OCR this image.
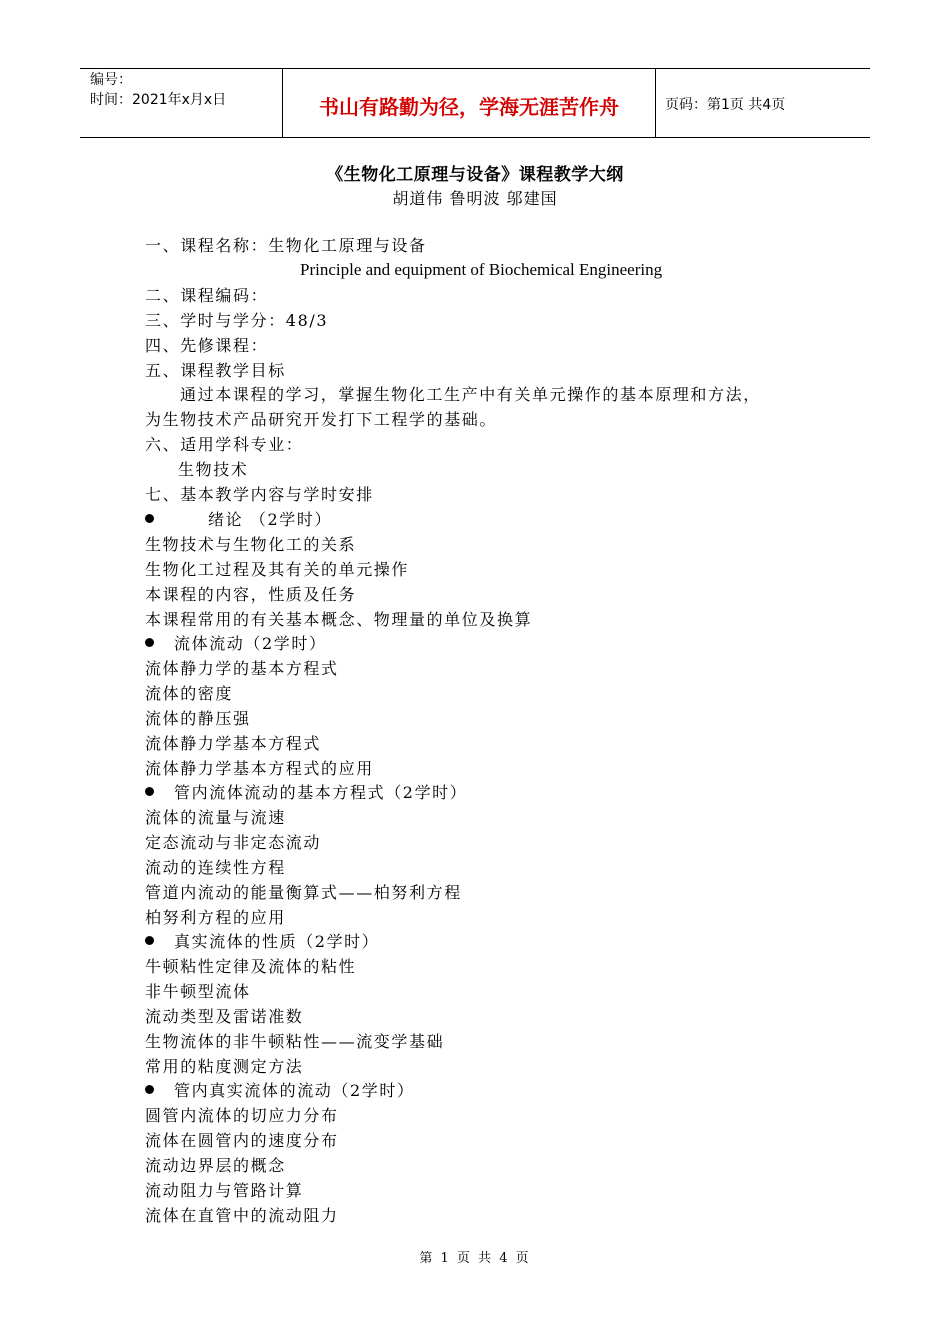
编号：
时间：2021年x月x日	书山有路勤为径，学海无涯苦作舟	页码：第1页 共4页
《生物化工原理与设备》课程教学大纲
胡道伟 鲁明波 邬建国
一、课程名称：生物化工原理与设备
Principle and equipment of Biochemical Engineering
二、课程编码：
三、学时与学分：48/3
四、先修课程：
五、课程教学目标
通过本课程的学习，掌握生物化工生产中有关单元操作的基本原理和方法，
为生物技术产品研究开发打下工程学的基础。
六、适用学科专业：
生物技术
七、基本教学内容与学时安排
绪论 （2学时）
生物技术与生物化工的关系
生物化工过程及其有关的单元操作
本课程的内容，性质及任务
本课程常用的有关基本概念、物理量的单位及换算
流体流动（2学时）
流体静力学的基本方程式
流体的密度
流体的静压强
流体静力学基本方程式
流体静力学基本方程式的应用
管内流体流动的基本方程式（2学时）
流体的流量与流速
定态流动与非定态流动
流动的连续性方程
管道内流动的能量衡算式——柏努利方程
柏努利方程的应用
真实流体的性质（2学时）
牛顿粘性定律及流体的粘性
非牛顿型流体
流动类型及雷诺准数
生物流体的非牛顿粘性——流变学基础
常用的粘度测定方法
管内真实流体的流动（2学时）
圆管内流体的切应力分布
流体在圆管内的速度分布
流动边界层的概念
流动阻力与管路计算
流体在直管中的流动阻力
第 1 页 共 4 页
